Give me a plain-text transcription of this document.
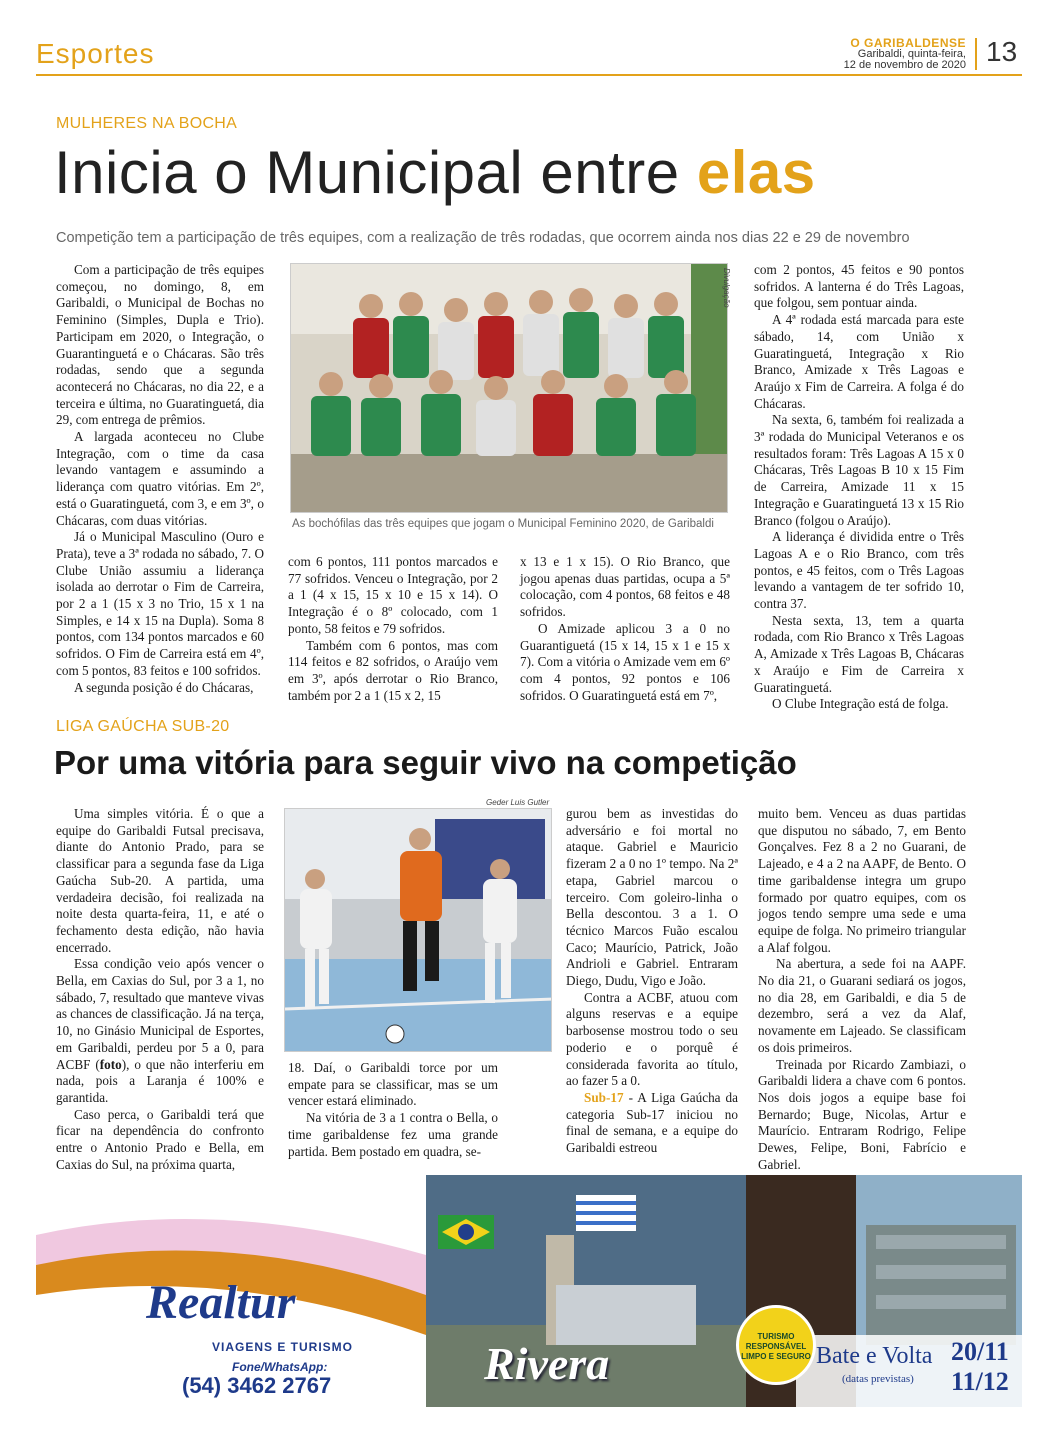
Esportes	O GARIBALDENSE
Garibaldi, quinta-feira,
12 de novembro de 2020 13
MULHERES NA BOCHA
Inicia o Municipal entre elas
Competição tem a participação de três equipes, com a realização de três rodadas, que ocorrem ainda nos dias 22 e 29 de novembro

Com a participação de três equipes começou, no domingo, 8, em Garibaldi, o Municipal de Bochas no Feminino (Simples, Dupla e Trio). Participam em 2020, o Integração, o Guarantinguetá e o Chácaras. São três rodadas, sendo que a segunda acontecerá no Chácaras, no dia 22, e a terceira e última, no Guaratinguetá, dia 29, com entrega de prêmios.

A largada aconteceu no Clube Integração, com o time da casa levando vantagem e assumindo a liderança com quatro vitórias. Em 2º, está o Guaratinguetá, com 3, e em 3º, o Chácaras, com duas vitórias.

Já o Municipal Masculino (Ouro e Prata), teve a 3ª rodada no sábado, 7. O Clube União assumiu a liderança isolada ao derrotar o Fim de Carreira, por 2 a 1 (15 x 3 no Trio, 15 x 1 na Simples, e 14 x 15 na Dupla). Soma 8 pontos, com 134 pontos marcados e 60 sofridos. O Fim de Carreira está em 4º, com 5 pontos, 83 feitos e 100 sofridos.

A segunda posição é do Chácaras,

Divulgação
As bochófilas das três equipes que jogam o Municipal Feminino 2020, de Garibaldi

com 6 pontos, 111 pontos marcados e 77 sofridos. Venceu o Integração, por 2 a 1 (4 x 15, 15 x 10 e 15 x 14). O Integração é o 8º colocado, com 1 ponto, 58 feitos e 79 sofridos.

Também com 6 pontos, mas com 114 feitos e 82 sofridos, o Araújo vem em 3º, após derrotar o Rio Branco, também por 2 a 1 (15 x 2, 15

x 13 e 1 x 15). O Rio Branco, que jogou apenas duas partidas, ocupa a 5ª colocação, com 4 pontos, 68 feitos e 48 sofridos.

O Amizade aplicou 3 a 0 no Guarantiguetá (15 x 14, 15 x 1 e 15 x 7). Com a vitória o Amizade vem em 6º com 4 pontos, 92 pontos e 106 sofridos. O Guaratinguetá está em 7º,

com 2 pontos, 45 feitos e 90 pontos sofridos. A lanterna é do Três Lagoas, que folgou, sem pontuar ainda.

A 4ª rodada está marcada para este sábado, 14, com União x Guaratinguetá, Integração x Rio Branco, Amizade x Três Lagoas e Araújo x Fim de Carreira. A folga é do Chácaras.

Na sexta, 6, também foi realizada a 3ª rodada do Municipal Veteranos e os resultados foram: Três Lagoas A 15 x 0 Chácaras, Três Lagoas B 10 x 15 Fim de Carreira, Amizade 11 x 15 Integração e Guaratinguetá 13 x 15 Rio Branco (folgou o Araújo).

A liderança é dividida entre o Três Lagoas A e o Rio Branco, com três pontos, e 45 feitos, com o Três Lagoas levando a vantagem de ter sofrido 10, contra 37.

Nesta sexta, 13, tem a quarta rodada, com Rio Branco x Três Lagoas A, Amizade x Três Lagoas B, Chácaras x Araújo e Fim de Carreira x Guaratinguetá.

O Clube Integração está de folga.

LIGA GAÚCHA SUB-20
Por uma vitória para seguir vivo na competição

Uma simples vitória. É o que a equipe do Garibaldi Futsal precisava, diante do Antonio Prado, para se classificar para a segunda fase da Liga Gaúcha Sub-20. A partida, uma verdadeira decisão, foi realizada na noite desta quarta-feira, 11, e até o fechamento desta edição, não havia encerrado.

Essa condição veio após vencer o Bella, em Caxias do Sul, por 3 a 1, no sábado, 7, resultado que manteve vivas as chances de classificação. Já na terça, 10, no Ginásio Municipal de Esportes, em Garibaldi, perdeu por 5 a 0, para ACBF (foto), o que não interferiu em nada, pois a Laranja é 100% e garantida.

Caso perca, o Garibaldi terá que ficar na dependência do confronto entre o Antonio Prado e Bella, em Caxias do Sul, na próxima quarta,

Geder Luis Gutler

18. Daí, o Garibaldi torce por um empate para se classificar, mas se um vencer estará eliminado.

Na vitória de 3 a 1 contra o Bella, o time garibaldense fez uma grande partida. Bem postado em quadra, se-

gurou bem as investidas do adversário e foi mortal no ataque. Gabriel e Mauricio fizeram 2 a 0 no 1º tempo. Na 2ª etapa, Gabriel marcou o terceiro. Com goleiro-linha o Bella descontou. 3 a 1. O técnico Marcos Fuão escalou Caco; Maurício, Patrick, João Andrioli e Gabriel. Entraram Diego, Dudu, Vigo e João.

Contra a ACBF, atuou com alguns reservas e a equipe barbosense mostrou todo o seu poderio e o porquê é considerada favorita ao título, ao fazer 5 a 0.

Sub-17 - A Liga Gaúcha da categoria Sub-17 iniciou no final de semana, e a equipe do Garibaldi estreou

muito bem. Venceu as duas partidas que disputou no sábado, 7, em Bento Gonçalves. Fez 8 a 2 no Guarani, de Lajeado, e 4 a 2 na AAPF, de Bento. O time garibaldense integra um grupo formado por quatro equipes, com os jogos tendo sempre uma sede e uma equipe de folga. No primeiro triangular a Alaf folgou.

Na abertura, a sede foi na AAPF. No dia 21, o Guarani sediará os jogos, no dia 28, em Garibaldi, e dia 5 de dezembro, será a vez da Alaf, novamente em Lajeado. Se classificam os dois primeiros.

Treinada por Ricardo Zambiazi, o Garibaldi lidera a chave com 6 pontos. Nos dois jogos a equipe base foi Bernardo; Buge, Nicolas, Artur e Maurício. Entraram Rodrigo, Felipe Dewes, Felipe, Boni, Fabrício e Gabriel.

TURISMO
RESPONSÁVEL
LIMPO E SEGURO
Realtur
VIAGENS E TURISMO
Fone/WhatsApp:
(54) 3462 2767	Rivera	Bate e Volta
(datas previstas)
20/11
11/12
